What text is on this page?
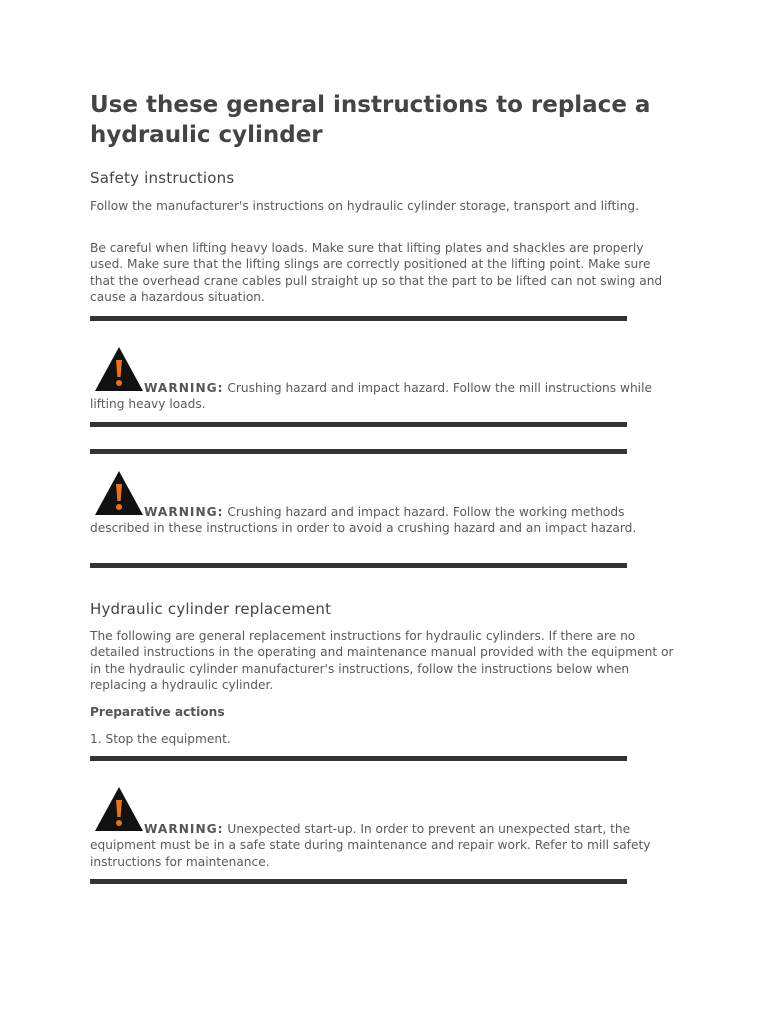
Use these general instructions to replace a hydraulic cylinder
Safety instructions

Follow the manufacturer's instructions on hydraulic cylinder storage, transport and lifting.

Be careful when lifting heavy loads. Make sure that lifting plates and shackles are properly used. Make sure that the lifting slings are correctly positioned at the lifting point. Make sure that the overhead crane cables pull straight up so that the part to be lifted can not swing and cause a hazardous situation.

WARNING: Crushing hazard and impact hazard. Follow the mill instructions while lifting heavy loads.

WARNING: Crushing hazard and impact hazard. Follow the working methods described in these instructions in order to avoid a crushing hazard and an impact hazard.

Hydraulic cylinder replacement

The following are general replacement instructions for hydraulic cylinders. If there are no detailed instructions in the operating and maintenance manual provided with the equipment or in the hydraulic cylinder manufacturer's instructions, follow the instructions below when replacing a hydraulic cylinder.

Preparative actions

1. Stop the equipment.

WARNING: Unexpected start-up. In order to prevent an unexpected start, the equipment must be in a safe state during maintenance and repair work. Refer to mill safety instructions for maintenance.
